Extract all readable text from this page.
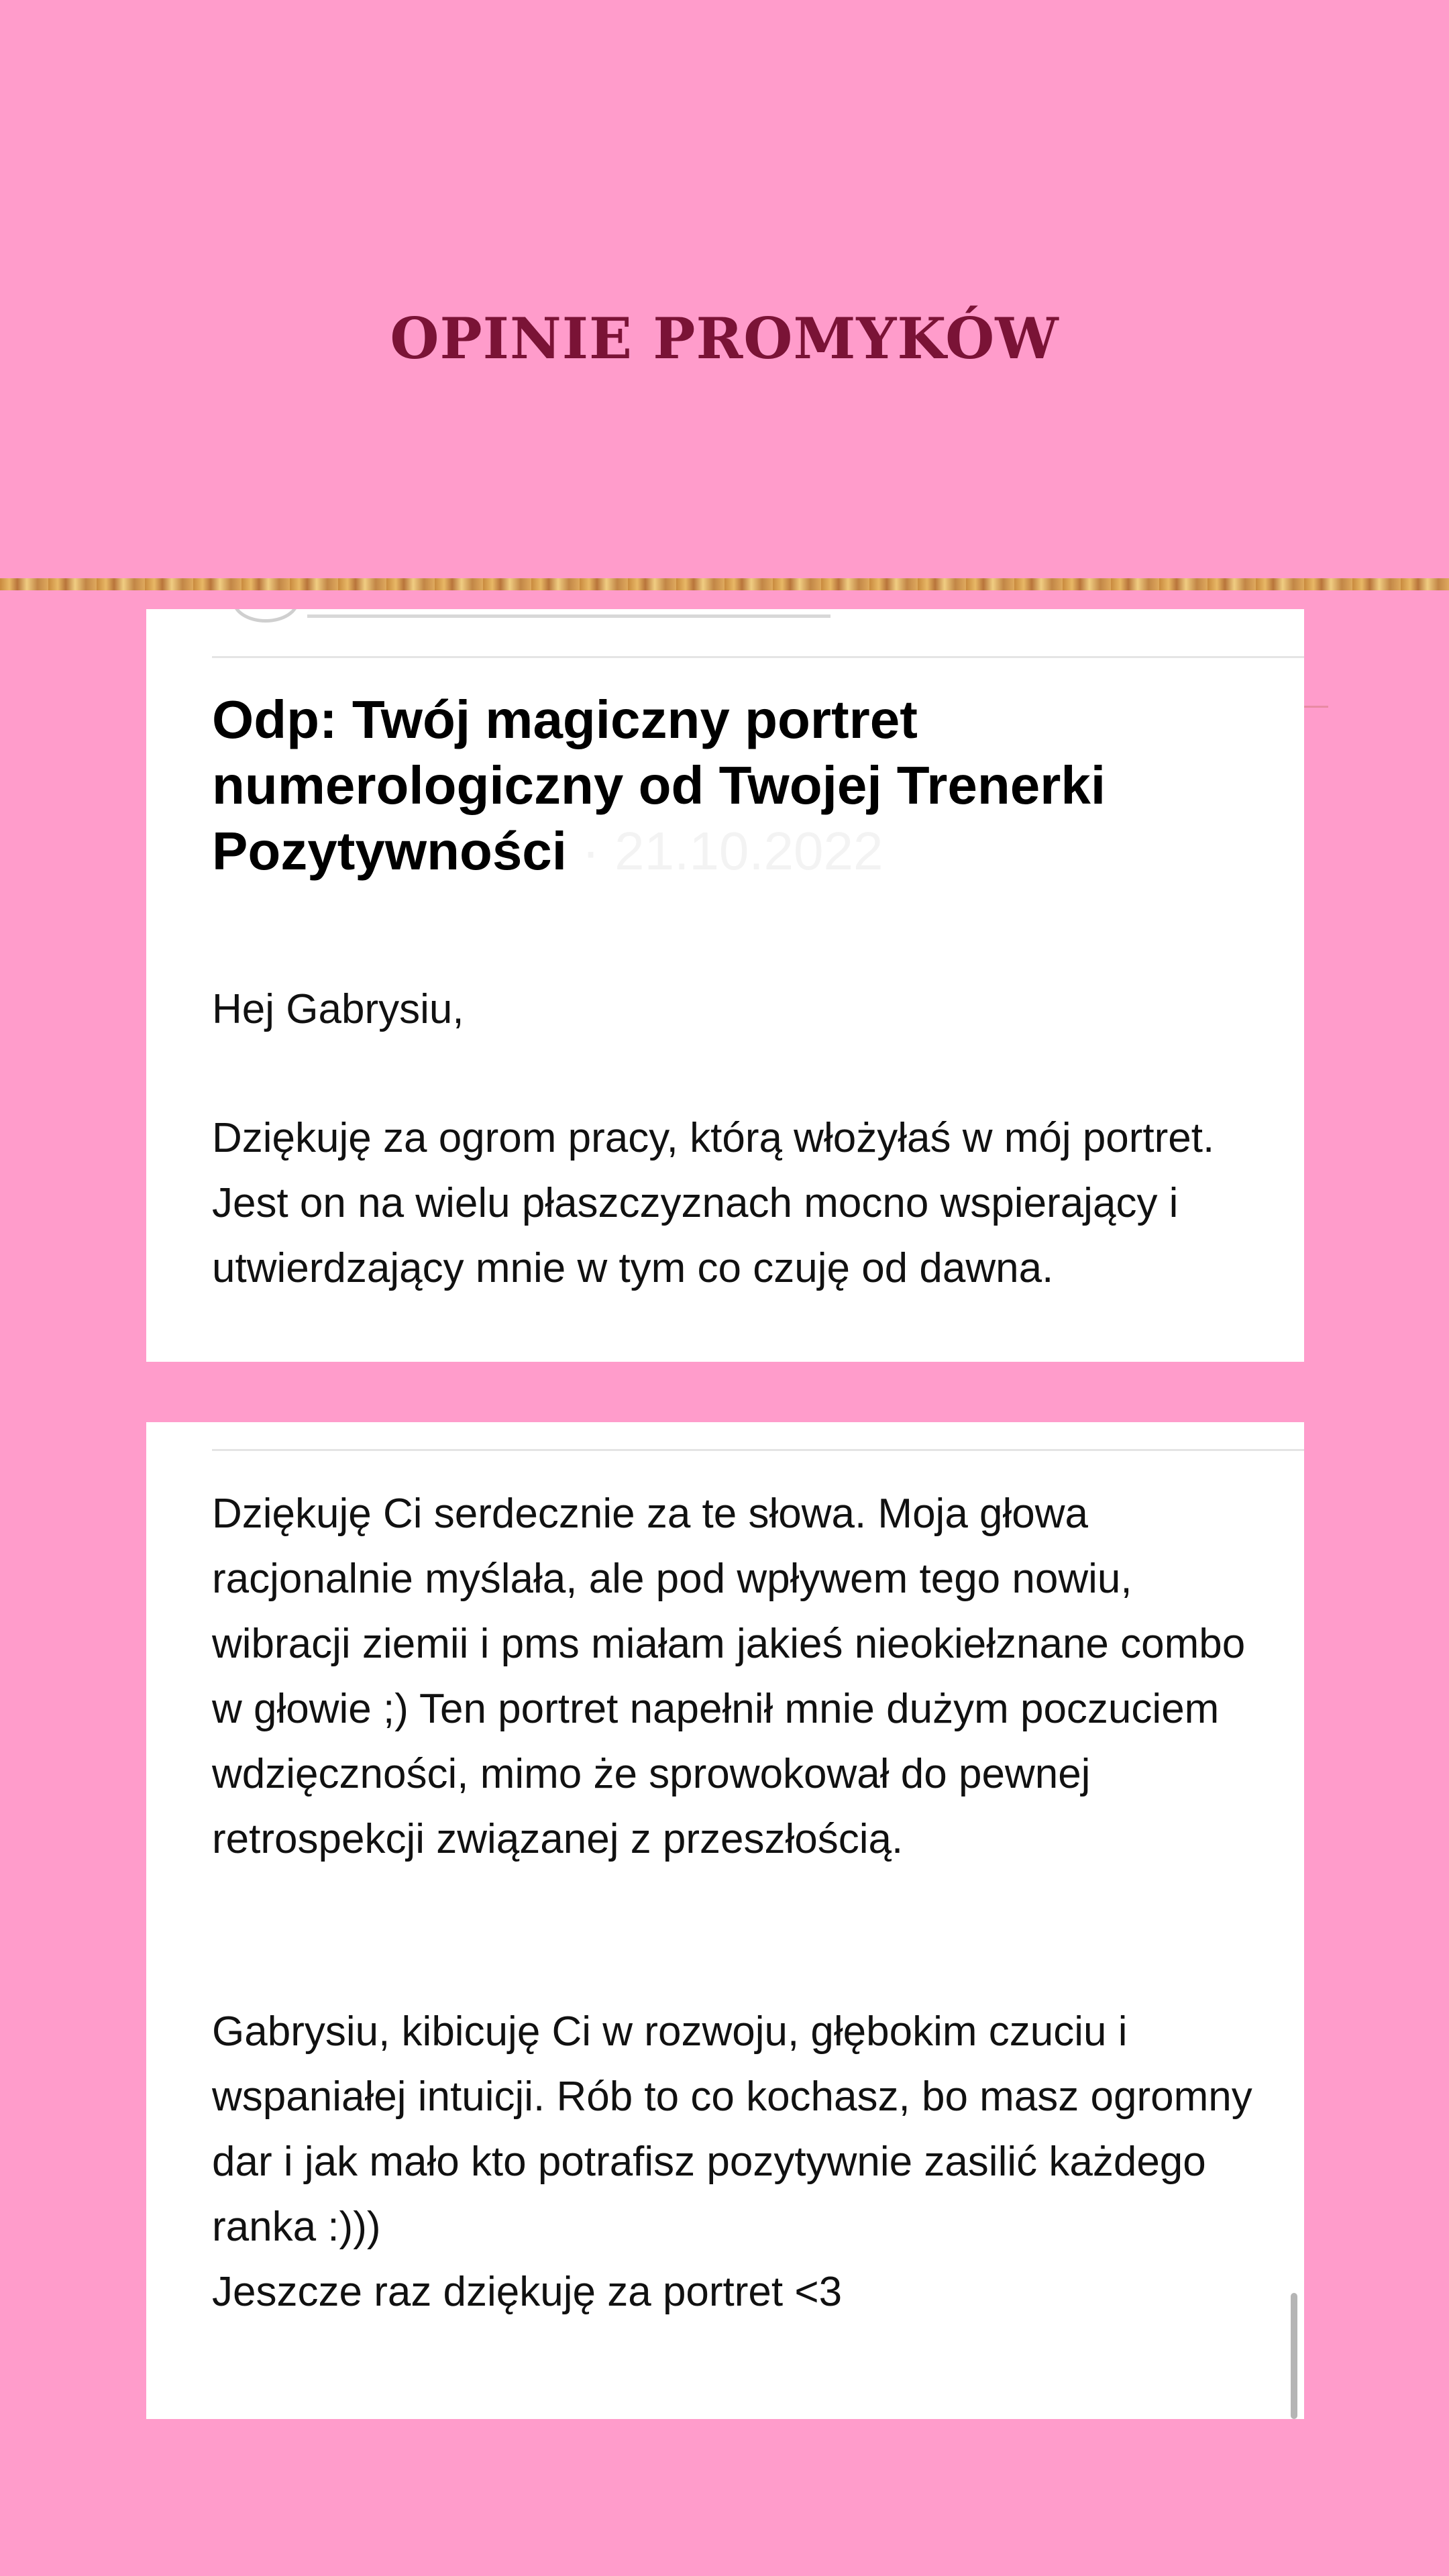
OPINIE PROMYKÓW
Odp: Twój magiczny portret numerologiczny od Twojej Trenerki Pozytywności · 21.10.2022

Hej Gabrysiu,

Dziękuję za ogrom pracy, którą włożyłaś w mój portret. Jest on na wielu płaszczyznach mocno wspierający i utwierdzający mnie w tym co czuję od dawna.

Dziękuję Ci serdecznie za te słowa. Moja głowa racjonalnie myślała, ale pod wpływem tego nowiu, wibracji ziemii i pms miałam jakieś nieokiełznane combo w głowie ;) Ten portret napełnił mnie dużym poczuciem wdzięczności, mimo że sprowokował do pewnej retrospekcji związanej z przeszłością.

Gabrysiu, kibicuję Ci w rozwoju, głębokim czuciu i wspaniałej intuicji. Rób to co kochasz, bo masz ogromny dar i jak mało kto potrafisz pozytywnie zasilić każdego ranka :)))

Jeszcze raz dziękuję za portret <3
